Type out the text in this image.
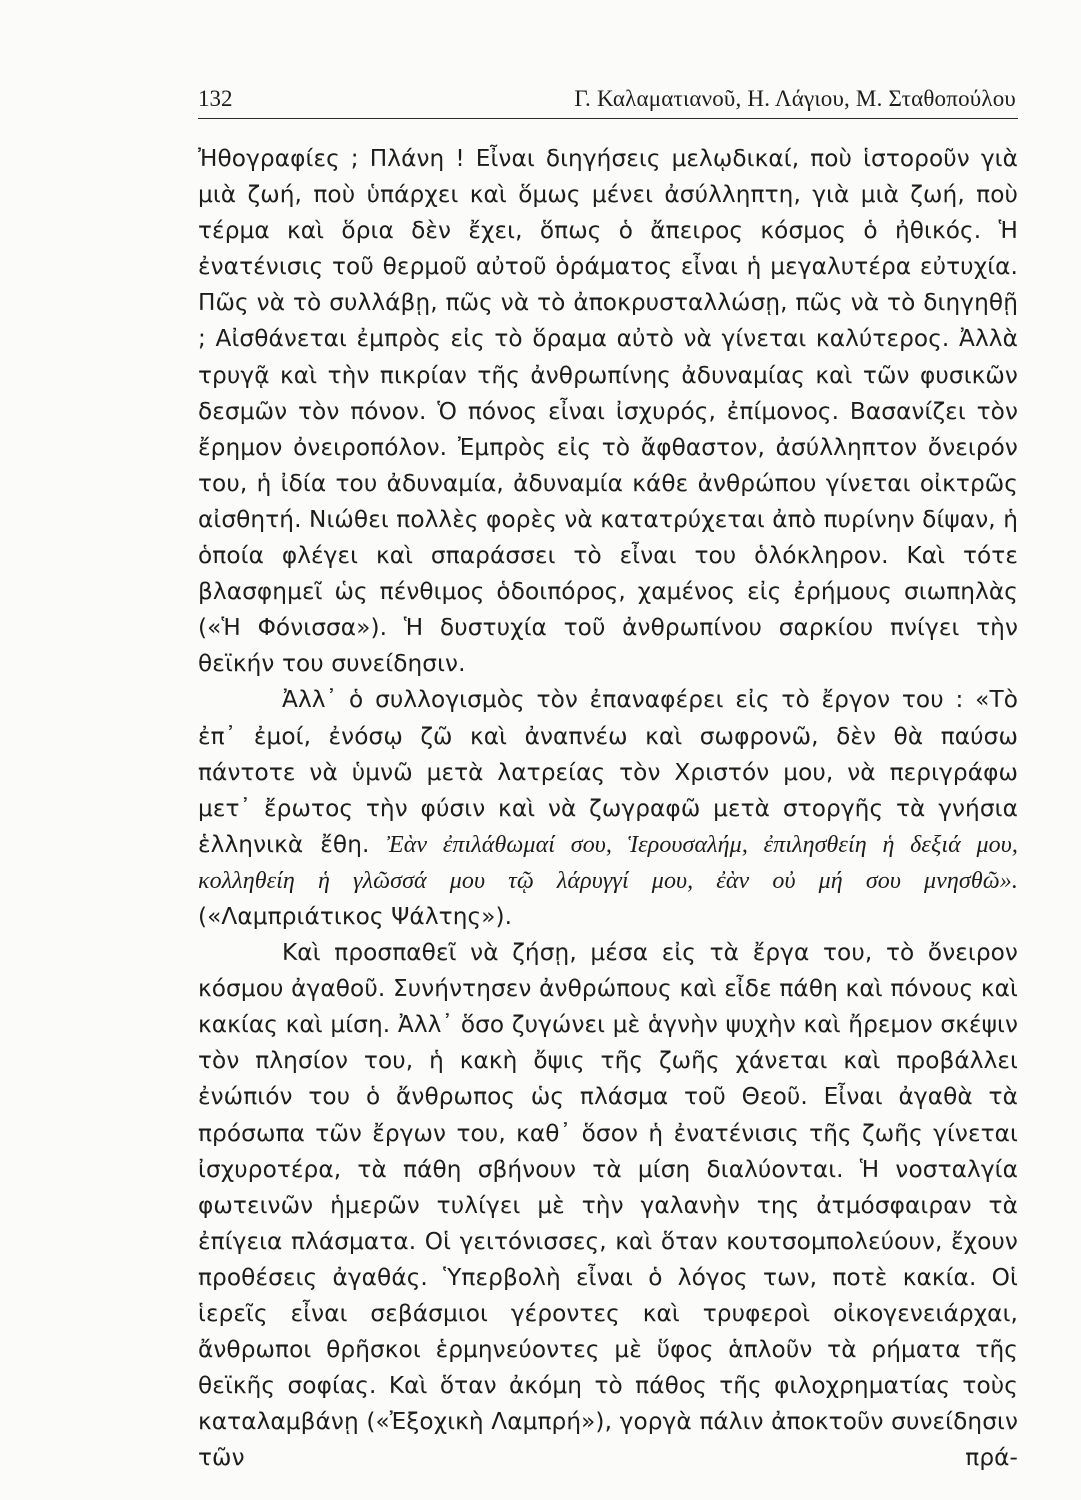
132	Γ. Καλαματιανοῦ, Η. Λάγιου, Μ. Σταθοπούλου

Ἠθογραφίες ; Πλάνη ! Εἶναι διηγήσεις μελῳδικαί, ποὺ ἱστοροῦν γιὰ μιὰ ζωή, ποὺ ὑπάρχει καὶ ὅμως μένει ἀσύλληπτη, γιὰ μιὰ ζωή, ποὺ τέρμα καὶ ὅρια δὲν ἔχει, ὅπως ὁ ἄπειρος κόσμος ὁ ἠθικός. Ἡ ἐνατένισις τοῦ θερμοῦ αὐτοῦ ὁράματος εἶναι ἡ μεγαλυτέρα εὐτυχία. Πῶς νὰ τὸ συλλάβῃ, πῶς νὰ τὸ ἀποκρυσταλλώσῃ, πῶς νὰ τὸ διηγηθῇ ; Αἰσθάνεται ἐμπρὸς εἰς τὸ ὅραμα αὐτὸ νὰ γίνεται καλύτερος. Ἀλλὰ τρυγᾷ καὶ τὴν πικρίαν τῆς ἀνθρωπίνης ἀδυναμίας καὶ τῶν φυσικῶν δεσμῶν τὸν πόνον. Ὁ πόνος εἶναι ἰσχυρός, ἐπίμονος. Βασανίζει τὸν ἔρημον ὀνειροπόλον. Ἐμπρὸς εἰς τὸ ἄφθαστον, ἀσύλληπτον ὄνειρόν του, ἡ ἰδία του ἀδυναμία, ἀδυναμία κάθε ἀνθρώπου γίνεται οἰκτρῶς αἰσθητή. Νιώθει πολλὲς φορὲς νὰ κατατρύχεται ἀπὸ πυρίνην δίψαν, ἡ ὁποία φλέγει καὶ σπαράσσει τὸ εἶναι του ὁλόκληρον. Καὶ τότε βλασφημεῖ ὡς πένθιμος ὁδοιπόρος, χαμένος εἰς ἐρήμους σιωπηλὰς («Ἡ Φόνισσα»). Ἡ δυστυχία τοῦ ἀνθρωπίνου σαρκίου πνίγει τὴν θεϊκήν του συνείδησιν.

Ἀλλ᾽ ὁ συλλογισμὸς τὸν ἐπαναφέρει εἰς τὸ ἔργον του : «Τὸ ἐπ᾽ ἐμοί, ἐνόσῳ ζῶ καὶ ἀναπνέω καὶ σωφρονῶ, δὲν θὰ παύσω πάντοτε νὰ ὑμνῶ μετὰ λατρείας τὸν Χριστόν μου, νὰ περιγράφω μετ᾽ ἔρωτος τὴν φύσιν καὶ νὰ ζωγραφῶ μετὰ στοργῆς τὰ γνήσια ἑλληνικὰ ἔθη. Ἐὰν ἐπιλάθωμαί σου, Ἱερουσαλήμ, ἐπιλησθείη ἡ δεξιά μου, κολληθείη ἡ γλῶσσά μου τῷ λάρυγγί μου, ἐὰν οὐ μή σου μνησθῶ». («Λαμπριάτικος Ψάλτης»).

Καὶ προσπαθεῖ νὰ ζήσῃ, μέσα εἰς τὰ ἔργα του, τὸ ὄνειρον κόσμου ἀγαθοῦ. Συνήντησεν ἀνθρώπους καὶ εἶδε πάθη καὶ πόνους καὶ κακίας καὶ μίση. Ἀλλ᾽ ὅσο ζυγώνει μὲ ἁγνὴν ψυχὴν καὶ ἤρεμον σκέψιν τὸν πλησίον του, ἡ κακὴ ὄψις τῆς ζωῆς χάνεται καὶ προβάλλει ἐνώπιόν του ὁ ἄνθρωπος ὡς πλάσμα τοῦ Θεοῦ. Εἶναι ἀγαθὰ τὰ πρόσωπα τῶν ἔργων του, καθ᾽ ὅσον ἡ ἐνατένισις τῆς ζωῆς γίνεται ἰσχυροτέρα, τὰ πάθη σβήνουν τὰ μίση διαλύονται. Ἡ νοσταλγία φωτεινῶν ἡμερῶν τυλίγει μὲ τὴν γαλανὴν της ἀτμόσφαιραν τὰ ἐπίγεια πλάσματα. Οἱ γειτόνισσες, καὶ ὅταν κουτσομπολεύουν, ἔχουν προθέσεις ἀγαθάς. Ὑπερβολὴ εἶναι ὁ λόγος των, ποτὲ κακία. Οἱ ἱερεῖς εἶναι σεβάσμιοι γέροντες καὶ τρυφεροὶ οἰκογενειάρχαι, ἄνθρωποι θρῆσκοι ἑρμηνεύοντες μὲ ὕφος ἁπλοῦν τὰ ρήματα τῆς θεϊκῆς σοφίας. Καὶ ὅταν ἀκόμη τὸ πάθος τῆς φιλοχρηματίας τοὺς καταλαμβάνῃ («Ἐξοχικὴ Λαμπρή»), γοργὰ πάλιν ἀποκτοῦν συνείδησιν τῶν πρά-
